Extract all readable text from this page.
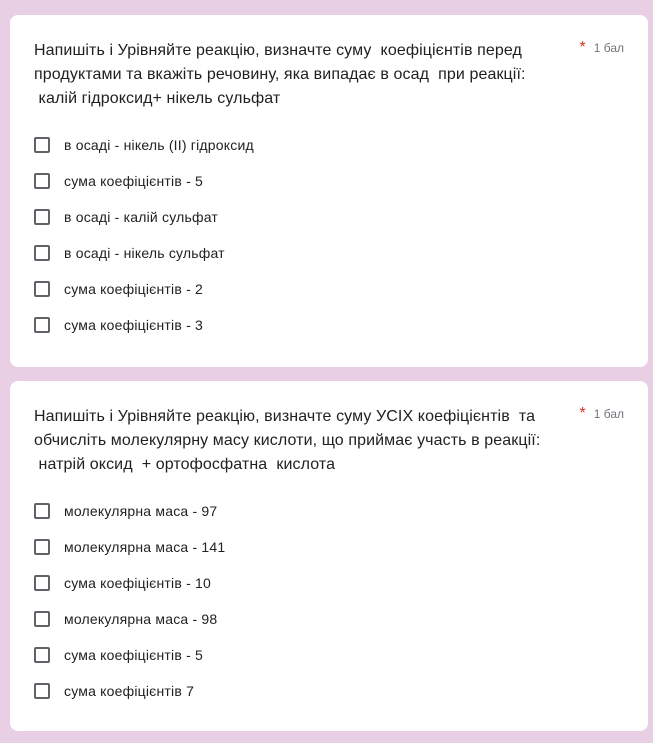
Напишіть і Урівняйте реакцію, визначте суму  коефіцієнтів перед продуктами та вкажіть речовину, яка випадає в осад  при реакції:
калій гідроксид+ нікель сульфат
* 1 бал
в осаді - нікель (ІІ) гідроксид
сума коефіцієнтів - 5
в осаді - калій сульфат
в осаді - нікель сульфат
сума коефіцієнтів - 2
сума коефіцієнтів - 3
Напишіть і Урівняйте реакцію, визначте суму УСІХ коефіцієнтів  та обчисліть молекулярну масу кислоти, що приймає участь в реакції:
натрій оксид  + ортофосфатна  кислота
* 1 бал
молекулярна маса - 97
молекулярна маса - 141
сума коефіцієнтів - 10
молекулярна маса - 98
сума коефіцієнтів - 5
сума коефіцієнтів 7
